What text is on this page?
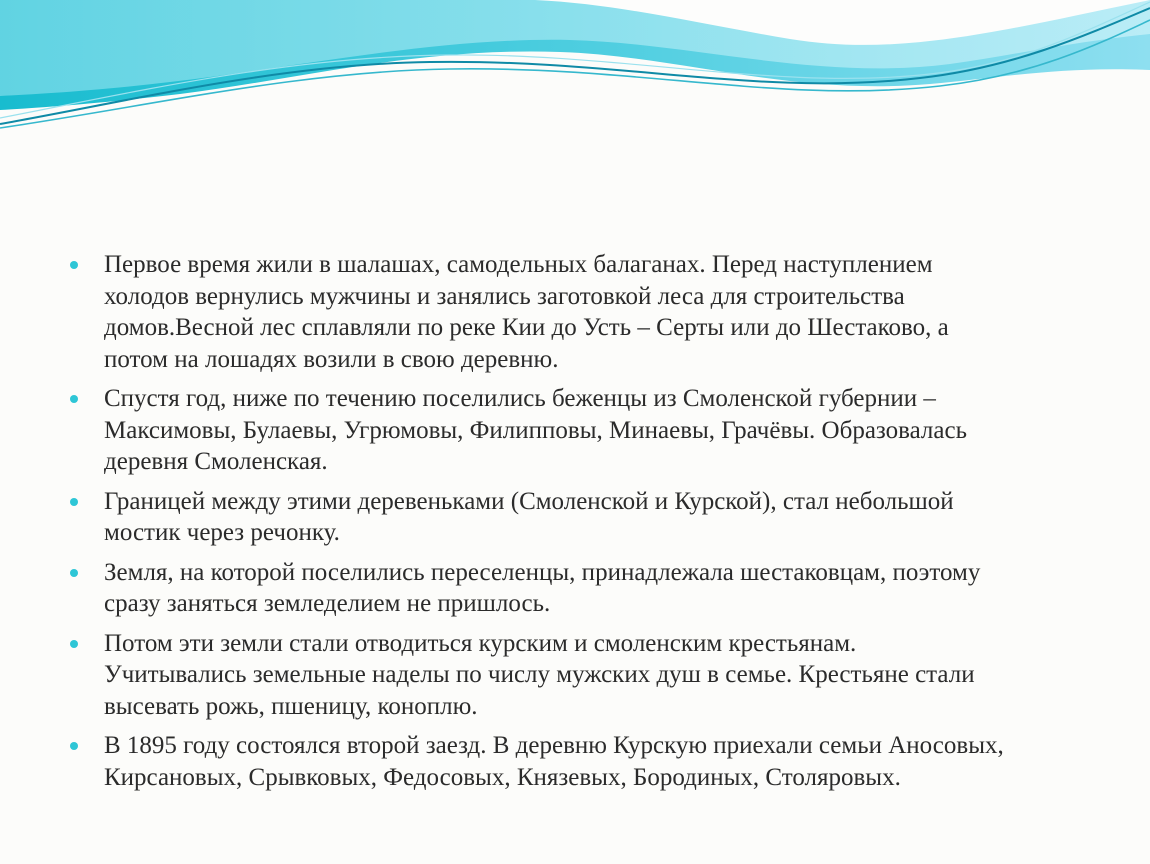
Первое время жили в шалашах, самодельных балаганах. Перед наступлением
холодов вернулись мужчины и занялись заготовкой леса для строительства
домов.Весной лес сплавляли по реке Кии до Усть – Серты или до Шестаково, а
потом на лошадях возили в свою деревню.
Спустя год, ниже по течению поселились беженцы из Смоленской губернии –
Максимовы, Булаевы, Угрюмовы, Филипповы, Минаевы, Грачёвы. Образовалась
деревня Смоленская.
Границей между этими деревеньками (Смоленской и Курской), стал небольшой
мостик через речонку.
Земля, на которой поселились переселенцы, принадлежала шестаковцам, поэтому
сразу заняться земледелием не пришлось.
Потом эти земли стали отводиться курским и смоленским крестьянам.
Учитывались земельные наделы по числу мужских душ в семье. Крестьяне стали
высевать рожь, пшеницу, коноплю.
В 1895 году состоялся второй заезд. В деревню Курскую приехали семьи Аносовых,
Кирсановых, Срывковых, Федосовых, Князевых, Бородиных, Столяровых.
